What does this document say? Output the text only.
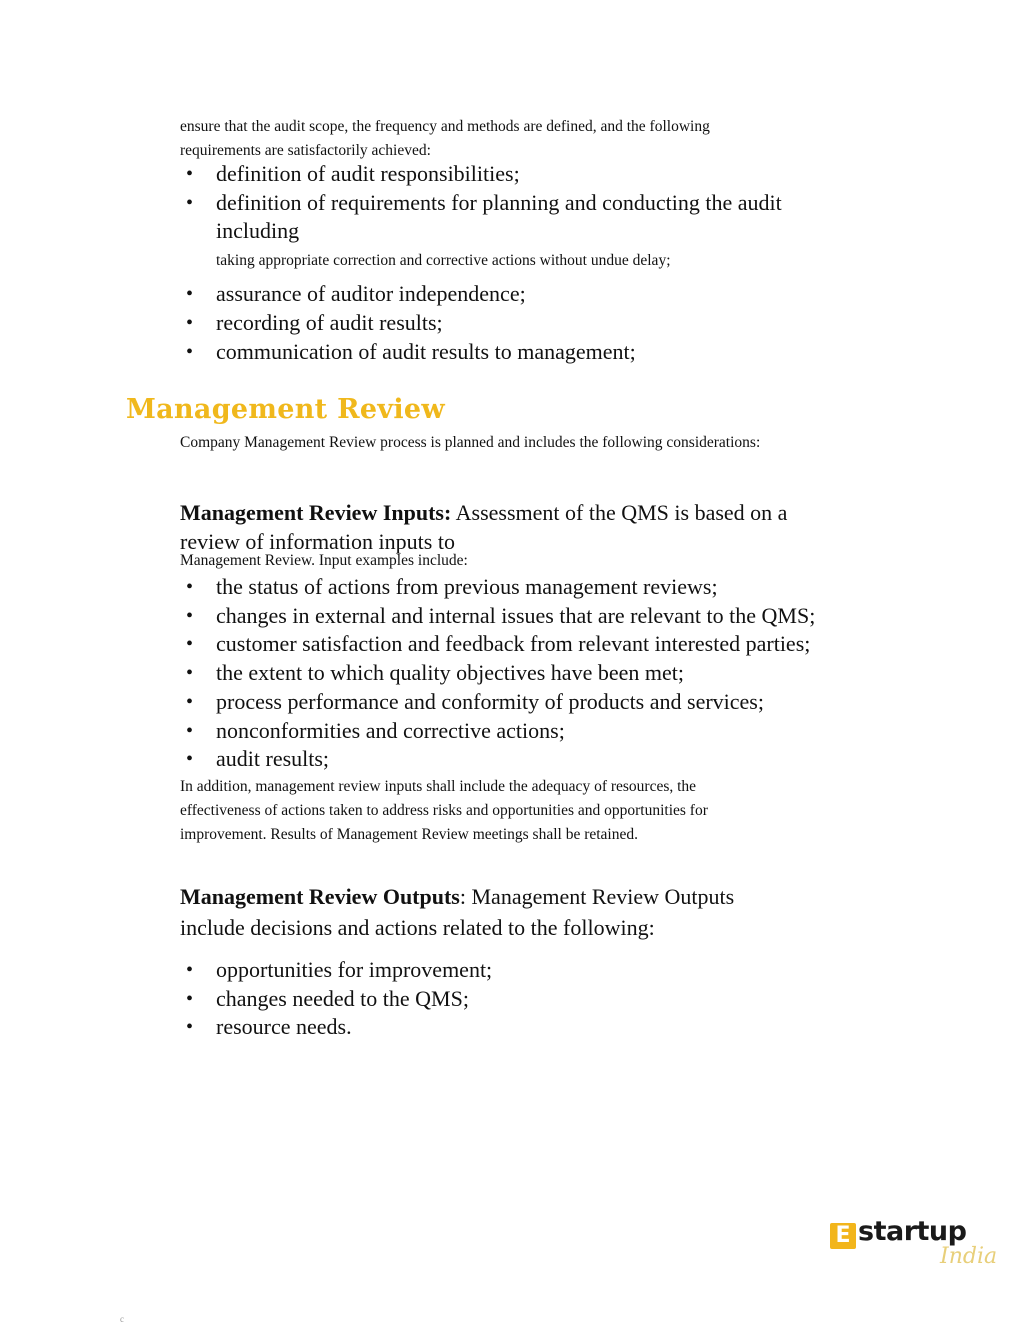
ensure that the audit scope, the frequency and methods are defined, and the following
requirements are satisfactorily achieved:
• definition of audit responsibilities;
• definition of requirements for planning and conducting the audit
including
taking appropriate correction and corrective actions without undue delay;
• assurance of auditor independence;
• recording of audit results;
• communication of audit results to management;
Management Review
Company Management Review process is planned and includes the following considerations:
Management Review Inputs: Assessment of the QMS is based on a
review of information inputs to
Management Review. Input examples include:
• the status of actions from previous management reviews;
• changes in external and internal issues that are relevant to the QMS;
• customer satisfaction and feedback from relevant interested parties;
• the extent to which quality objectives have been met;
• process performance and conformity of products and services;
• nonconformities and corrective actions;
• audit results;
In addition, management review inputs shall include the adequacy of resources, the
effectiveness of actions taken to address risks and opportunities and opportunities for
improvement. Results of Management Review meetings shall be retained.
Management Review Outputs: Management Review Outputs
include decisions and actions related to the following:
• opportunities for improvement;
• changes needed to the QMS;
• resource needs.
E startup
India
c
